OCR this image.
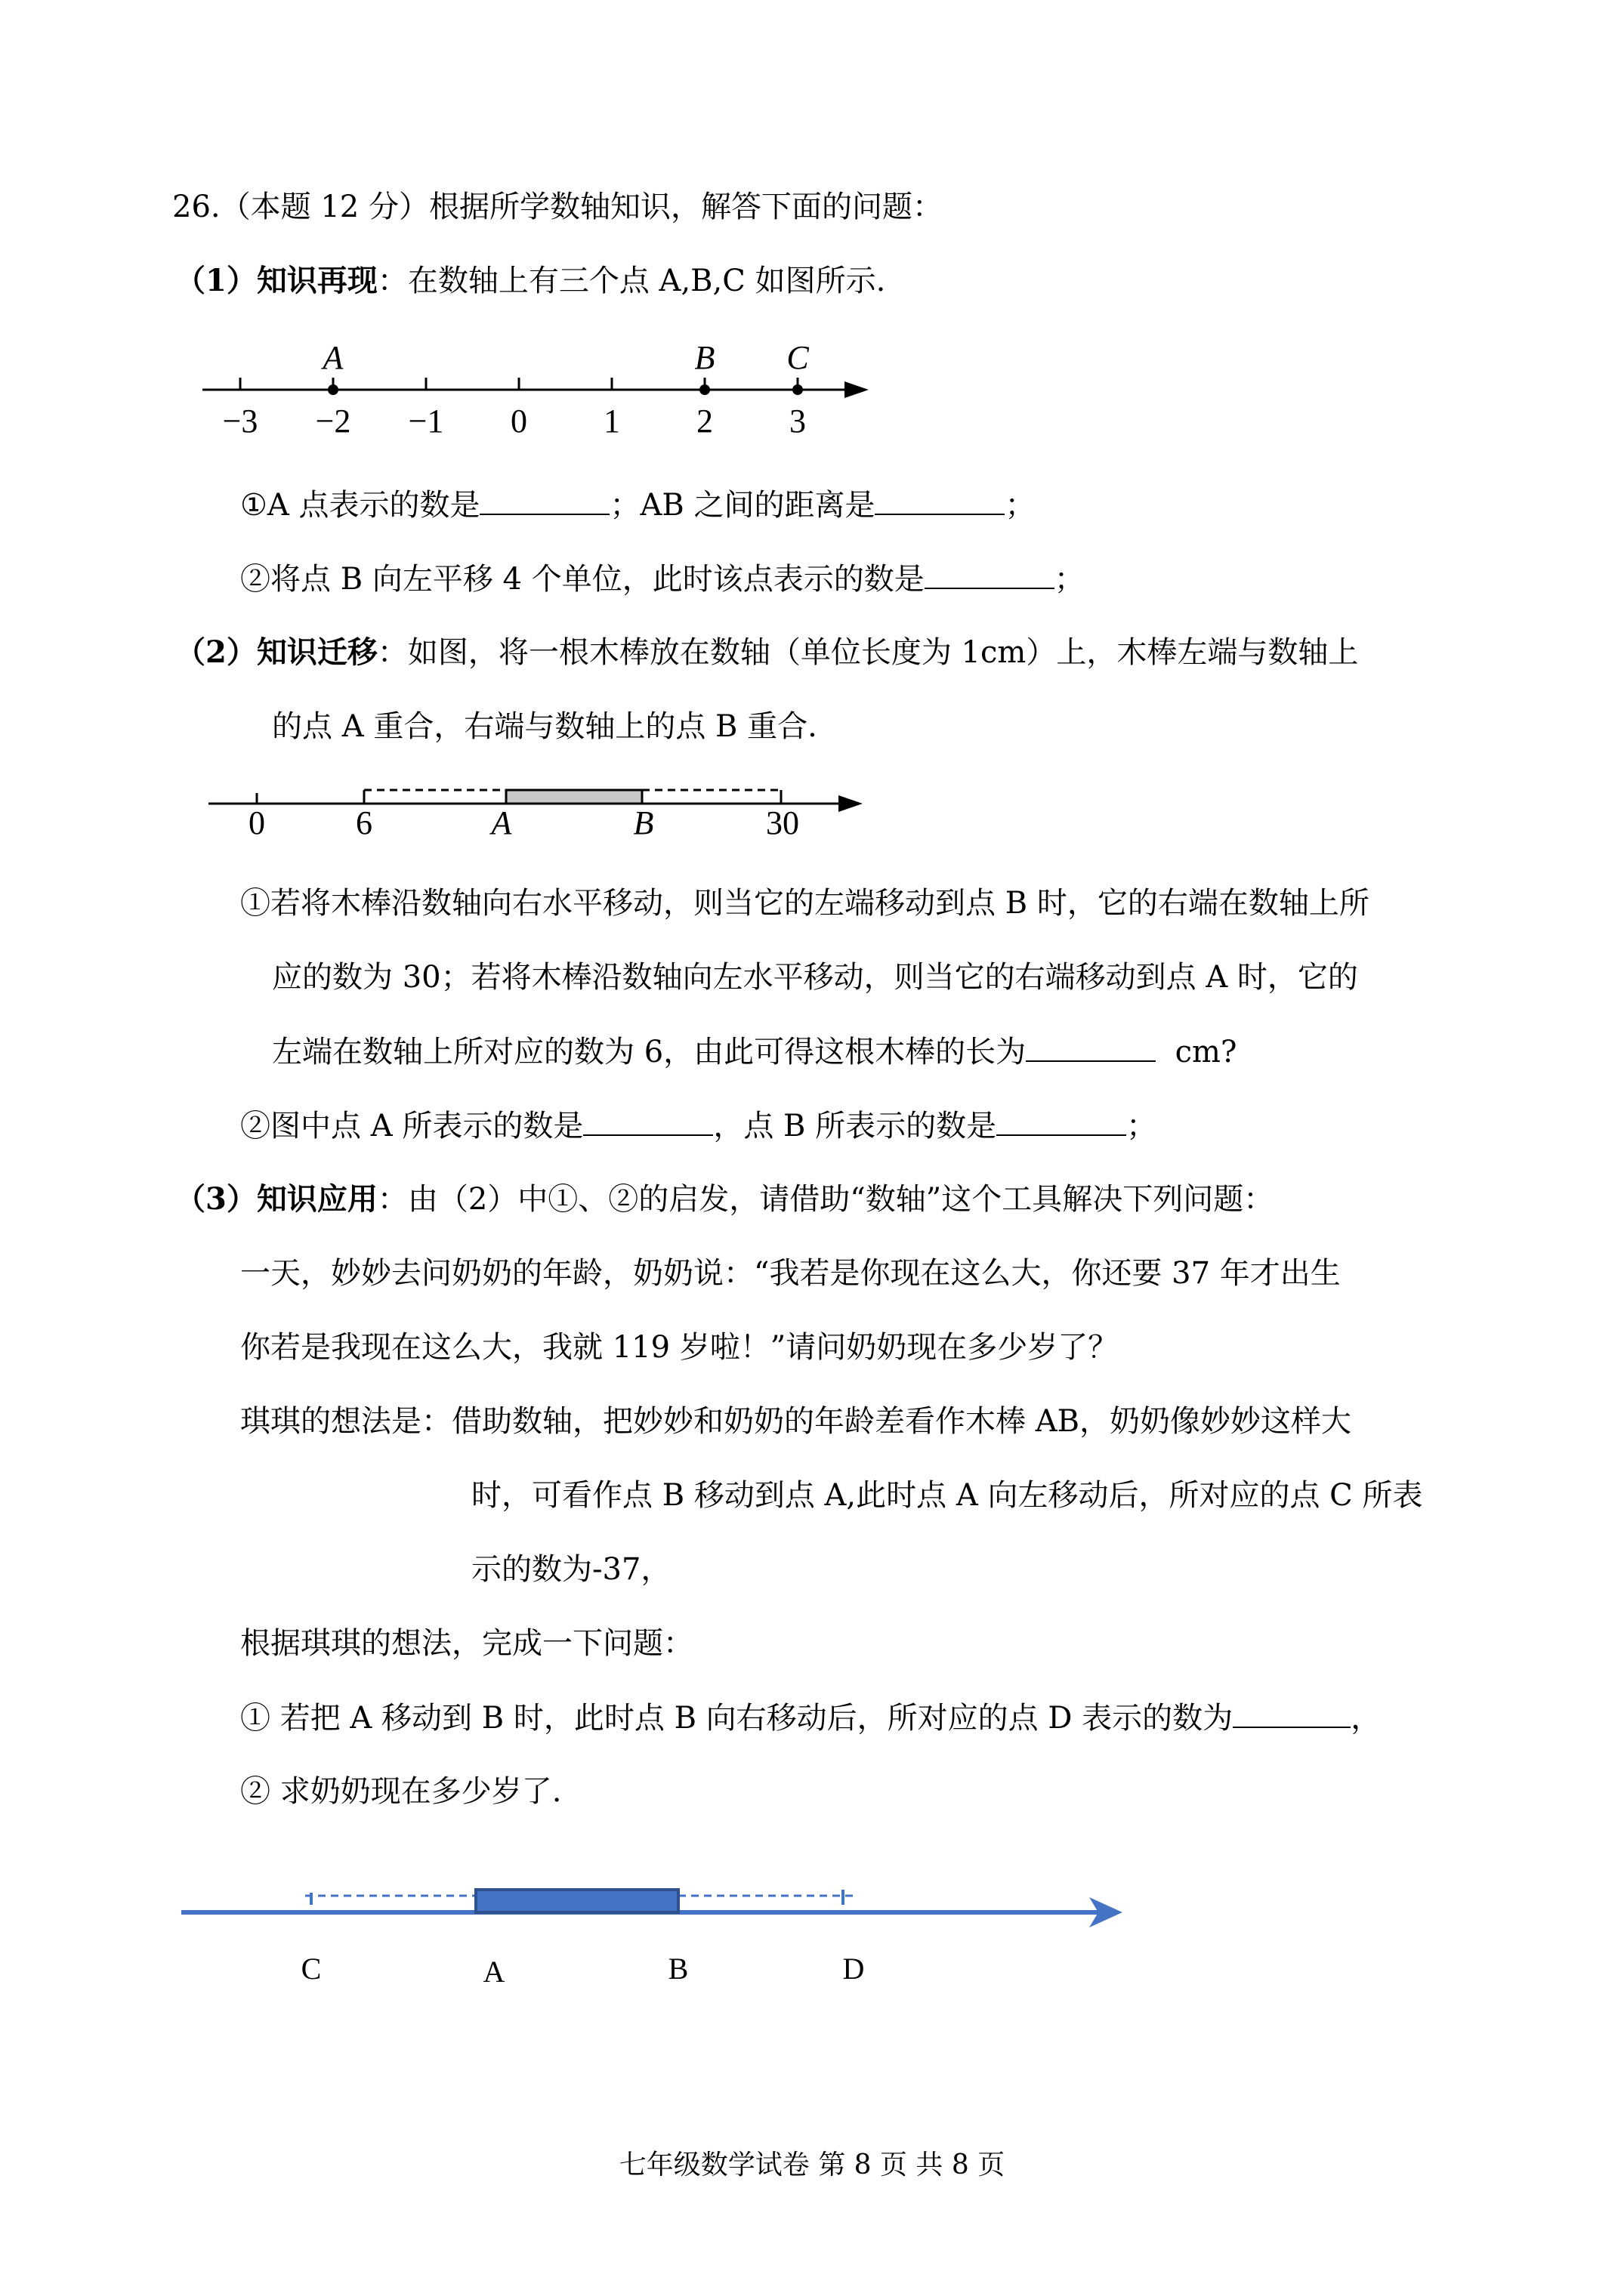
26.（本题 12 分）根据所学数轴知识，解答下面的问题：
（1）知识再现：在数轴上有三个点 A,B,C 如图所示.
−3 −2 −1 0 1 2 3
A	B C
①A 点表示的数是	；AB 之间的距离是	；
②将点 B 向左平移 4 个单位，此时该点表示的数是	；
（2）知识迁移：如图，将一根木棒放在数轴（单位长度为 1cm）上，木棒左端与数轴上
的点 A 重合，右端与数轴上的点 B 重合.
0	6	A	B	30
①若将木棒沿数轴向右水平移动，则当它的左端移动到点 B 时，它的右端在数轴上所
应的数为 30；若将木棒沿数轴向左水平移动，则当它的右端移动到点 A 时，它的
左端在数轴上所对应的数为 6，由此可得这根木棒的长为	cm?
②图中点 A 所表示的数是	，点 B 所表示的数是	；
（3）知识应用：由（2）中①、②的启发，请借助“数轴”这个工具解决下列问题：
一天，妙妙去问奶奶的年龄，奶奶说：“我若是你现在这么大，你还要 37 年才出生
你若是我现在这么大，我就 119 岁啦！”请问奶奶现在多少岁了？
琪琪的想法是：借助数轴，把妙妙和奶奶的年龄差看作木棒 AB，奶奶像妙妙这样大
时，可看作点 B 移动到点 A,此时点 A 向左移动后，所对应的点 C 所表
示的数为-37，
根据琪琪的想法，完成一下问题：
① 若把 A 移动到 B 时，此时点 B 向右移动后，所对应的点 D 表示的数为	，
② 求奶奶现在多少岁了.
C	A	B	D
七年级数学试卷 第 8 页 共 8 页
